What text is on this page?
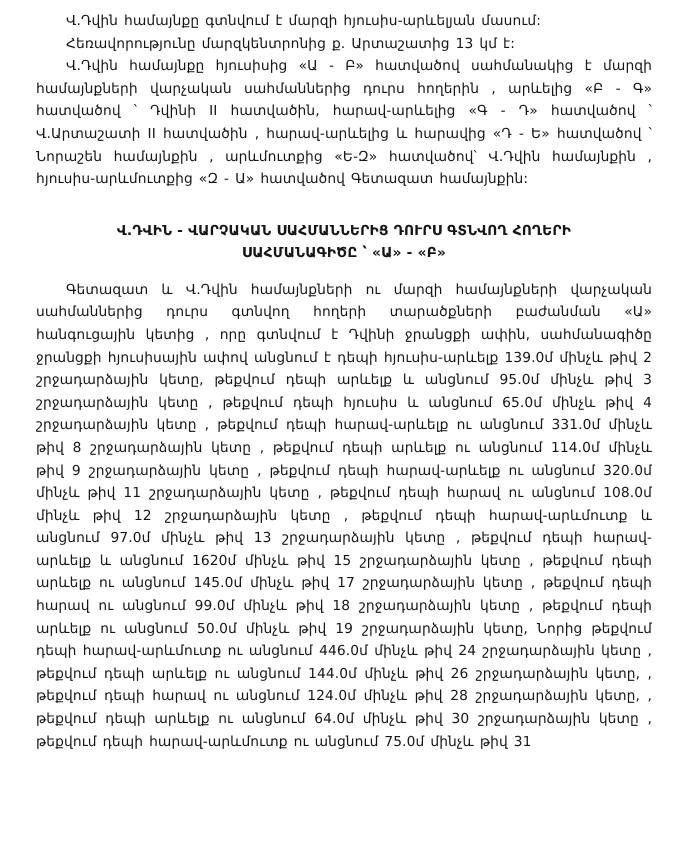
Վ.Դվին համայնքը գտնվում է մարզի հյուսիս-արևելյան մասում:

Հեռավորությունը մարզկենտրոնից ք. Արտաշատից 13 կմ է:

Վ.Դվին համայնքը հյուսիսից «Ա - Բ» հատվածով սահմանակից է մարզի համայնքների վարչական սահմաններից դուրս հողերին , արևելից «Բ - Գ» հատվածով ՝ Դվինի II հատվածին, հարավ-արևելից «Գ - Դ» հատվածով ՝ Վ.Արտաշատի II հատվածին , հարավ-արևելից և հարավից «Դ - Ե» հատվածով ՝ Նորաշեն համայնքին , արևմուտքից «Ե-Զ» հատվածով՝ Վ.Դվին համայնքին , հյուսիս-արևմուտքից «Զ - Ա» հատվածով Գետազատ համայնքին:

Վ.ԴՎԻՆ - ՎԱՐՉԱԿԱՆ ՍԱՀՄԱՆՆԵՐԻՑ ԴՈՒՐՍ ԳՏՆՎՈՂ ՀՈՂԵՐԻ
ՍԱՀՄԱՆԱԳԻԾԸ ՝ «Ա» - «Բ»

Գետազատ և Վ.Դվին համայնքների ու մարզի համայնքների վարչական սահմաններից դուրս գտնվող հողերի տարածքների բաժանման «Ա» հանգուցային կետից , որը գտնվում է Դվինի ջրանցքի ափին, սահմանագիծը ջրանցքի հյուսիսային ափով անցնում է դեպի հյուսիս-արևելք 139.0մ մինչև թիվ 2 շրջադարձային կետը, թեքվում դեպի արևելք և անցնում 95.0մ մինչև թիվ 3 շրջադարձային կետը , թեքվում դեպի հյուսիս և անցնում 65.0մ մինչև թիվ 4 շրջադարձային կետը , թեքվում դեպի հարավ-արևելք ու անցնում 331.0մ մինչև թիվ 8 շրջադարձային կետը , թեքվում դեպի արևելք ու անցնում 114.0մ մինչև թիվ 9 շրջադարձային կետը , թեքվում դեպի հարավ-արևելք ու անցնում 320.0մ մինչև թիվ 11 շրջադարձային կետը , թեքվում դեպի հարավ ու անցնում 108.0մ մինչև թիվ 12 շրջադարձային կետը , թեքվում դեպի հարավ-արևմուտք և անցնում 97.0մ մինչև թիվ 13 շրջադարձային կետը , թեքվում դեպի հարավ-արևելք և անցնում 1620մ մինչև թիվ 15 շրջադարձային կետը , թեքվում դեպի արևելք ու անցնում 145.0մ մինչև թիվ 17 շրջադարձային կետը , թեքվում դեպի հարավ ու անցնում 99.0մ մինչև թիվ 18 շրջադարձային կետը , թեքվում դեպի արևելք ու անցնում 50.0մ մինչև թիվ 19 շրջադարձային կետը, Նորից թեքվում դեպի հարավ-արևմուտք ու անցնում 446.0մ մինչև թիվ 24 շրջադարձային կետը , թեքվում դեպի արևելք ու անցնում 144.0մ մինչև թիվ 26 շրջադարձային կետը, , թեքվում դեպի հարավ ու անցնում 124.0մ մինչև թիվ 28 շրջադարձային կետը, , թեքվում դեպի արևելք ու անցնում 64.0մ մինչև թիվ 30 շրջադարձային կետը , թեքվում դեպի հարավ-արևմուտք ու անցնում 75.0մ մինչև թիվ 31
